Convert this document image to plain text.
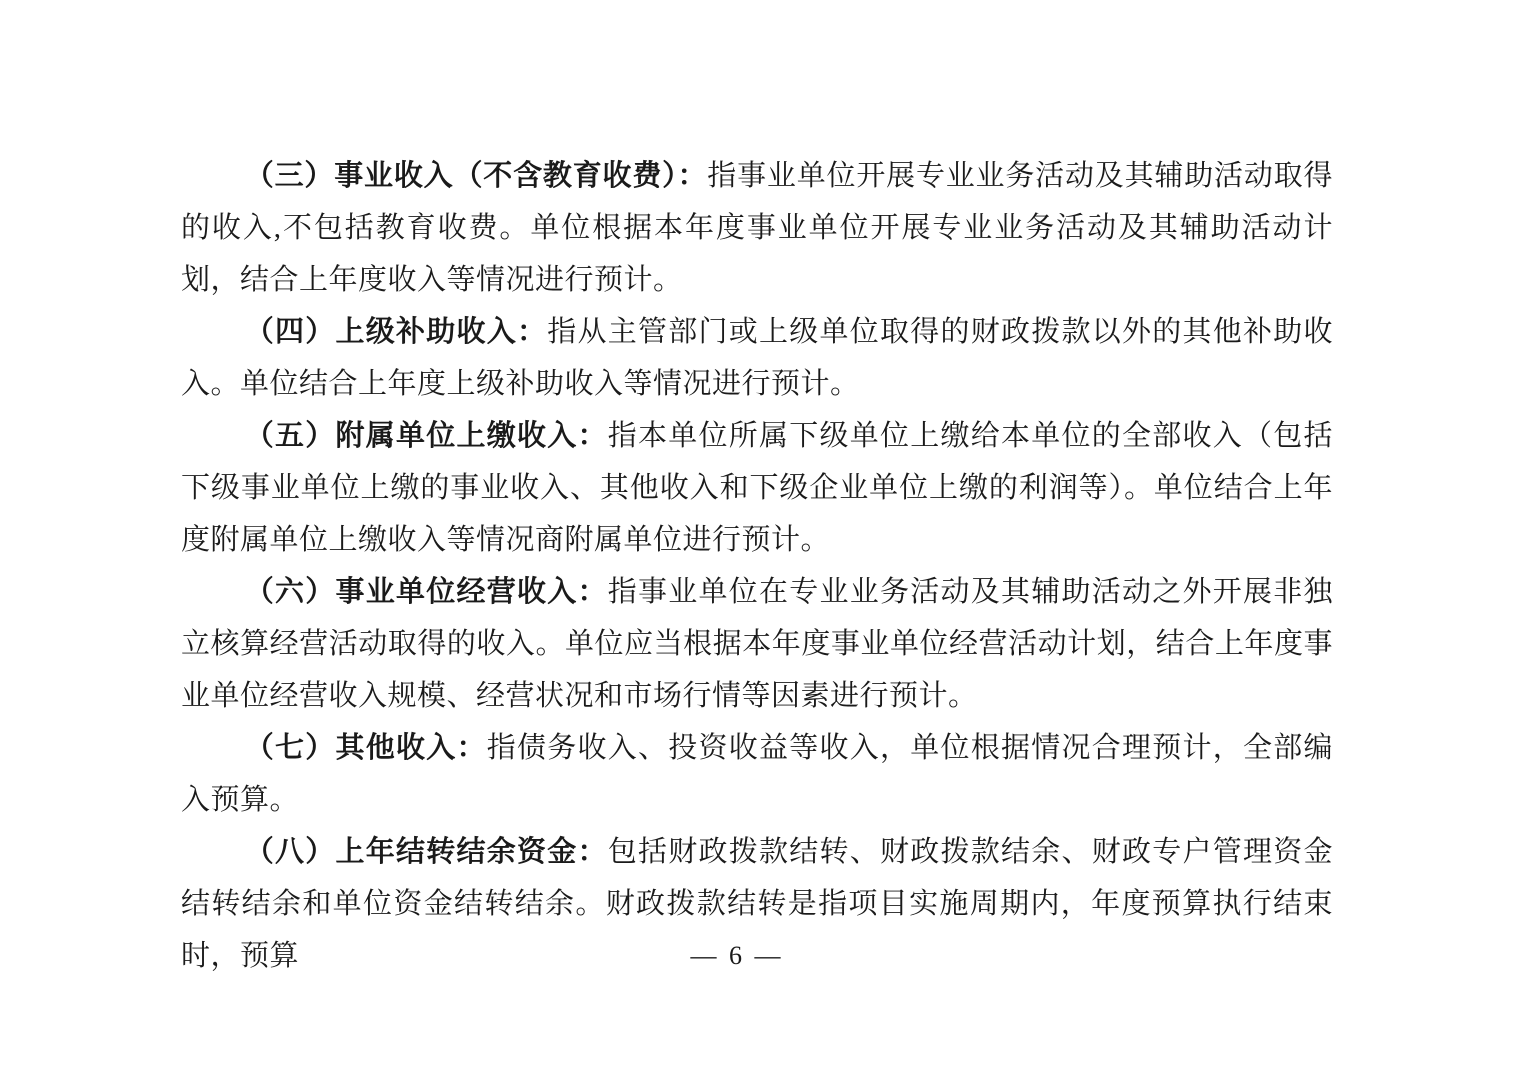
（三）事业收入（不含教育收费）：指事业单位开展专业业务活动及其辅助活动取得的收入,不包括教育收费。单位根据本年度事业单位开展专业业务活动及其辅助活动计划，结合上年度收入等情况进行预计。

（四）上级补助收入：指从主管部门或上级单位取得的财政拨款以外的其他补助收入。单位结合上年度上级补助收入等情况进行预计。

（五）附属单位上缴收入：指本单位所属下级单位上缴给本单位的全部收入（包括下级事业单位上缴的事业收入、其他收入和下级企业单位上缴的利润等）。单位结合上年度附属单位上缴收入等情况商附属单位进行预计。

（六）事业单位经营收入：指事业单位在专业业务活动及其辅助活动之外开展非独立核算经营活动取得的收入。单位应当根据本年度事业单位经营活动计划，结合上年度事业单位经营收入规模、经营状况和市场行情等因素进行预计。

（七）其他收入：指债务收入、投资收益等收入，单位根据情况合理预计，全部编入预算。

（八）上年结转结余资金：包括财政拨款结转、财政拨款结余、财政专户管理资金结转结余和单位资金结转结余。财政拨款结转是指项目实施周期内，年度预算执行结束时，预算	— 6 —
